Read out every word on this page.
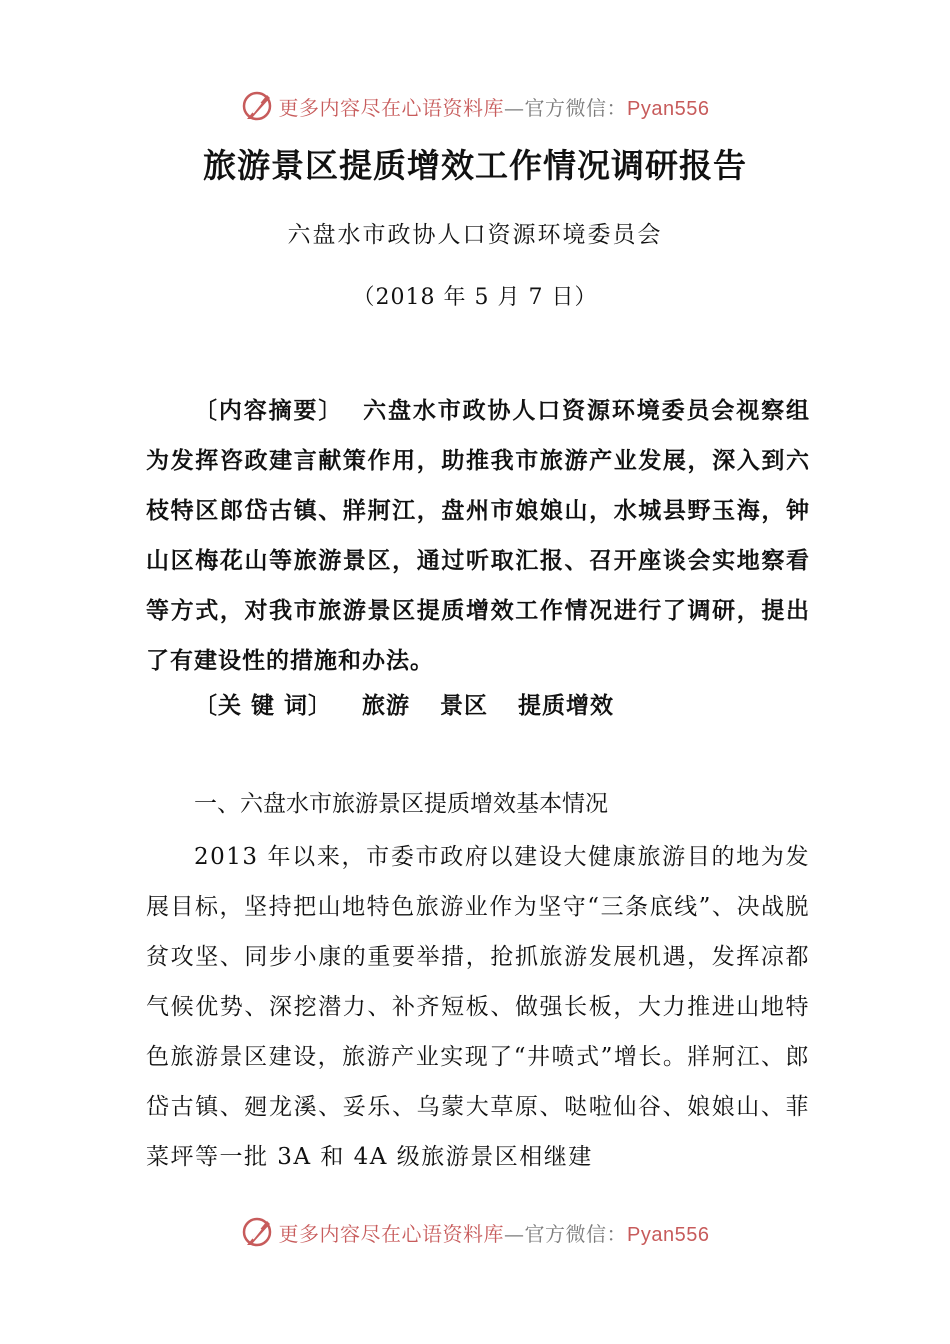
更多内容尽在心语资料库—官方微信：Pyan556
旅游景区提质增效工作情况调研报告
六盘水市政协人口资源环境委员会
（2018 年 5 月 7 日）
〔内容摘要〕 六盘水市政协人口资源环境委员会视察组为发挥咨政建言献策作用，助推我市旅游产业发展，深入到六枝特区郎岱古镇、牂牁江，盘州市娘娘山，水城县野玉海，钟山区梅花山等旅游景区，通过听取汇报、召开座谈会实地察看等方式，对我市旅游景区提质增效工作情况进行了调研，提出了有建设性的措施和办法。
〔关 键 词〕 旅游 景区 提质增效
一、六盘水市旅游景区提质增效基本情况
2013 年以来，市委市政府以建设大健康旅游目的地为发展目标，坚持把山地特色旅游业作为坚守“三条底线”、决战脱贫攻坚、同步小康的重要举措，抢抓旅游发展机遇，发挥凉都气候优势、深挖潜力、补齐短板、做强长板，大力推进山地特色旅游景区建设，旅游产业实现了“井喷式”增长。牂牁江、郎岱古镇、𢌞龙溪、妥乐、乌蒙大草原、哒啦仙谷、娘娘山、菲菜坪等一批 3A 和 4A 级旅游景区相继建
更多内容尽在心语资料库—官方微信：Pyan556
